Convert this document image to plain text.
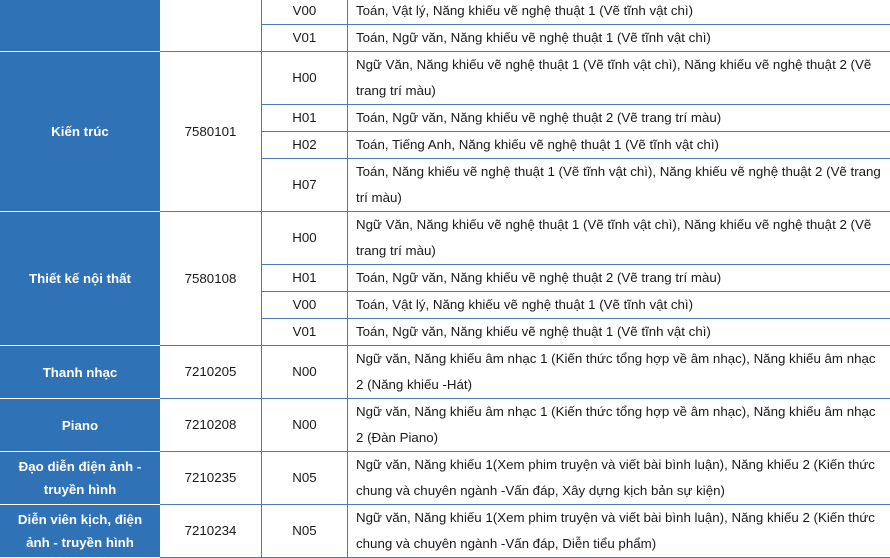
		V00	Toán, Vật lý, Năng khiếu vẽ nghệ thuật 1 (Vẽ tĩnh vật chì)
		V01	Toán, Ngữ văn, Năng khiếu vẽ nghệ thuật 1 (Vẽ tĩnh vật chì)
Kiến trúc	7580101	H00	Ngữ Văn, Năng khiếu vẽ nghệ thuật 1 (Vẽ tĩnh vật chì), Năng khiếu vẽ nghệ thuật 2 (Vẽ trang trí màu)
		H01	Toán, Ngữ văn, Năng khiếu vẽ nghệ thuật 2 (Vẽ trang trí màu)
		H02	Toán, Tiếng Anh, Năng khiếu vẽ nghệ thuật 1 (Vẽ tĩnh vật chì)
		H07	Toán, Năng khiếu vẽ nghệ thuật 1 (Vẽ tĩnh vật chì), Năng khiếu vẽ nghệ thuật 2 (Vẽ trang trí màu)
Thiết kế nội thất	7580108	H00	Ngữ Văn, Năng khiếu vẽ nghệ thuật 1 (Vẽ tĩnh vật chì), Năng khiếu vẽ nghệ thuật 2 (Vẽ trang trí màu)
		H01	Toán, Ngữ văn, Năng khiếu vẽ nghệ thuật 2 (Vẽ trang trí màu)
		V00	Toán, Vật lý, Năng khiếu vẽ nghệ thuật 1 (Vẽ tĩnh vật chì)
		V01	Toán, Ngữ văn, Năng khiếu vẽ nghệ thuật 1 (Vẽ tĩnh vật chì)
Thanh nhạc	7210205	N00	Ngữ văn, Năng khiếu âm nhạc 1 (Kiến thức tổng hợp về âm nhạc), Năng khiếu âm nhạc 2 (Năng khiếu -Hát)
Piano	7210208	N00	Ngữ văn, Năng khiếu âm nhạc 1 (Kiến thức tổng hợp về âm nhạc), Năng khiếu âm nhạc 2 (Đàn Piano)
Đạo diễn điện ảnh - truyền hình	7210235	N05	Ngữ văn, Năng khiếu 1(Xem phim truyện và viết bài bình luận), Năng khiếu 2 (Kiến thức chung và chuyên ngành -Vấn đáp, Xây dựng kịch bản sự kiện)
Diễn viên kịch, điện ảnh - truyền hình	7210234	N05	Ngữ văn, Năng khiếu 1(Xem phim truyện và viết bài bình luận), Năng khiếu 2 (Kiến thức chung và chuyên ngành -Vấn đáp, Diễn tiểu phẩm)
